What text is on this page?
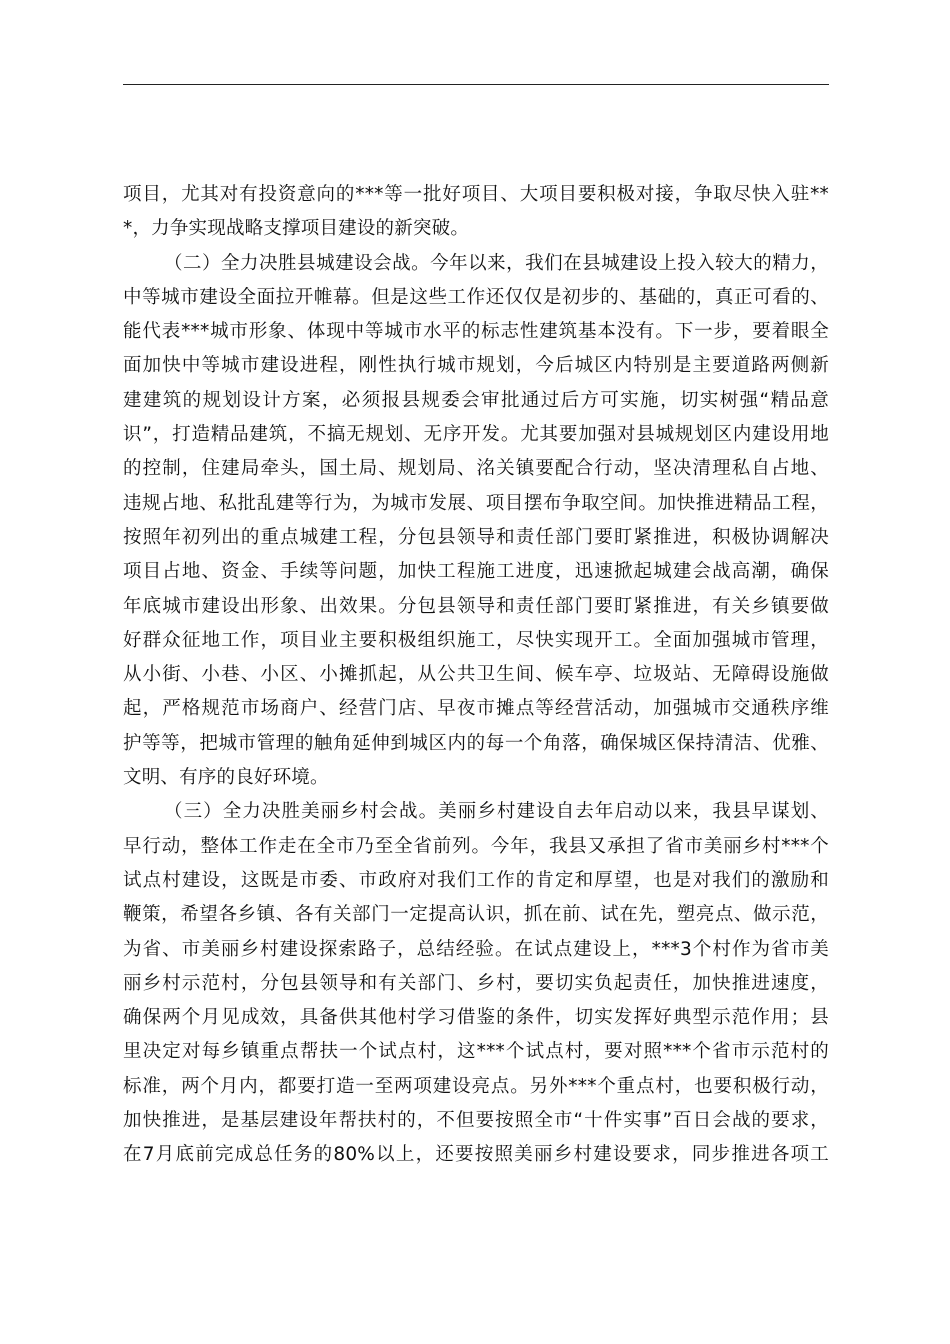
项目，尤其对有投资意向的***等一批好项目、大项目要积极对接，争取尽快入驻**
*，力争实现战略支撑项目建设的新突破。
（二）全力决胜县城建设会战。今年以来，我们在县城建设上投入较大的精力，
中等城市建设全面拉开帷幕。但是这些工作还仅仅是初步的、基础的，真正可看的、
能代表***城市形象、体现中等城市水平的标志性建筑基本没有。下一步，要着眼全
面加快中等城市建设进程，刚性执行城市规划，今后城区内特别是主要道路两侧新
建建筑的规划设计方案，必须报县规委会审批通过后方可实施，切实树强“精品意
识”，打造精品建筑，不搞无规划、无序开发。尤其要加强对县城规划区内建设用地
的控制，住建局牵头，国土局、规划局、洺关镇要配合行动，坚决清理私自占地、
违规占地、私批乱建等行为，为城市发展、项目摆布争取空间。加快推进精品工程，
按照年初列出的重点城建工程，分包县领导和责任部门要盯紧推进，积极协调解决
项目占地、资金、手续等问题，加快工程施工进度，迅速掀起城建会战高潮，确保
年底城市建设出形象、出效果。分包县领导和责任部门要盯紧推进，有关乡镇要做
好群众征地工作，项目业主要积极组织施工，尽快实现开工。全面加强城市管理，
从小街、小巷、小区、小摊抓起，从公共卫生间、候车亭、垃圾站、无障碍设施做
起，严格规范市场商户、经营门店、早夜市摊点等经营活动，加强城市交通秩序维
护等等，把城市管理的触角延伸到城区内的每一个角落，确保城区保持清洁、优雅、
文明、有序的良好环境。
（三）全力决胜美丽乡村会战。美丽乡村建设自去年启动以来，我县早谋划、
早行动，整体工作走在全市乃至全省前列。今年，我县又承担了省市美丽乡村***个
试点村建设，这既是市委、市政府对我们工作的肯定和厚望，也是对我们的激励和
鞭策，希望各乡镇、各有关部门一定提高认识，抓在前、试在先，塑亮点、做示范，
为省、市美丽乡村建设探索路子，总结经验。在试点建设上，***3个村作为省市美
丽乡村示范村，分包县领导和有关部门、乡村，要切实负起责任，加快推进速度，
确保两个月见成效，具备供其他村学习借鉴的条件，切实发挥好典型示范作用；县
里决定对每乡镇重点帮扶一个试点村，这***个试点村，要对照***个省市示范村的
标准，两个月内，都要打造一至两项建设亮点。另外***个重点村，也要积极行动，
加快推进，是基层建设年帮扶村的，不但要按照全市“十件实事”百日会战的要求，
在7月底前完成总任务的80%以上，还要按照美丽乡村建设要求，同步推进各项工
